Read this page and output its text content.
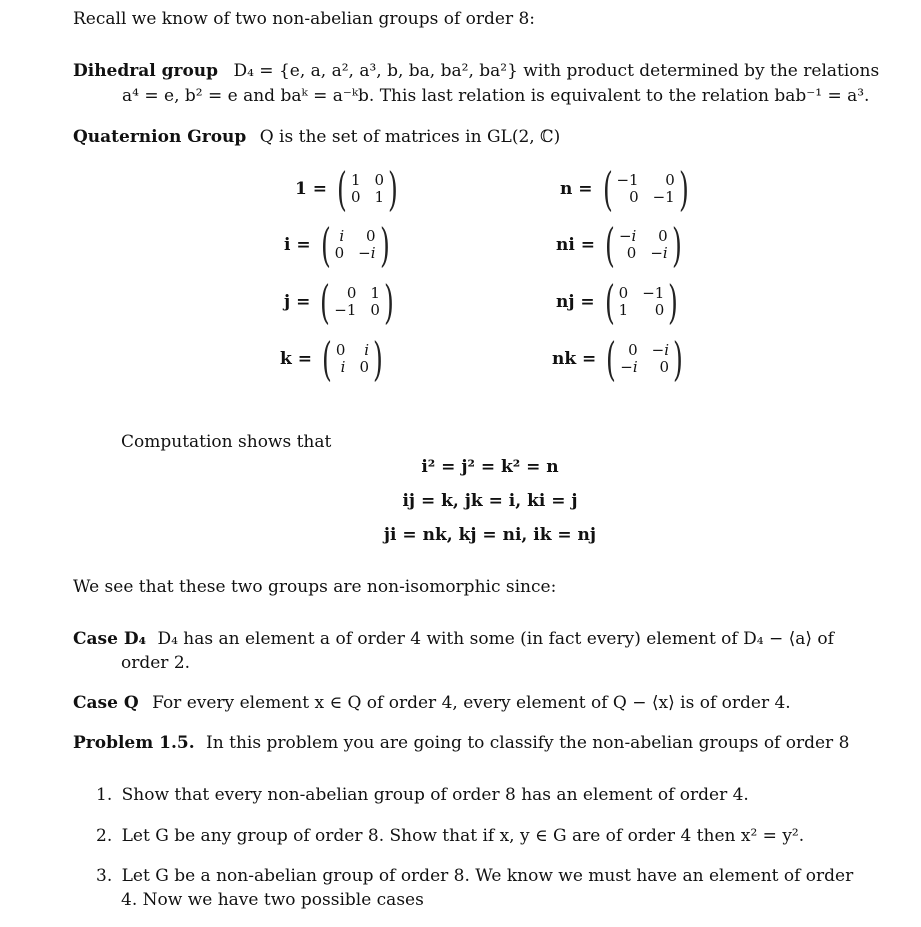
Recall we know of two non-abelian groups of order 8:
Dihedral group D₄ = {e, a, a², a³, b, ba, ba², ba²} with product determined by the relations
a⁴ = e, b² = e and baᵏ = a⁻ᵏb. This last relation is equivalent to the relation bab⁻¹ = a³.
Quaternion Group Q is the set of matrices in GL(2, ℂ)
1 = ( 1 0
0 1 )
i = ( i	0
0 −i )
j = (	0 1
−1 0 )
k = ( 0	i
i 0 )
n = ( −1	0
0 −1 )
ni = ( −i	0
0 −i )
nj = ( 0 −1
1	0 )
nk = ( 0 −i
−i	0 )
Computation shows that
i² = j² = k² = n
ij = k, jk = i, ki = j
ji = nk, kj = ni, ik = nj
We see that these two groups are non-isomorphic since:
Case D₄ D₄ has an element a of order 4 with some (in fact every) element of D₄ − ⟨a⟩ of
order 2.
Case Q For every element x ∈ Q of order 4, every element of Q − ⟨x⟩ is of order 4.
Problem 1.5. In this problem you are going to classify the non-abelian groups of order 8
1. Show that every non-abelian group of order 8 has an element of order 4.
2. Let G be any group of order 8. Show that if x, y ∈ G are of order 4 then x² = y².
3. Let G be a non-abelian group of order 8. We know we must have an element of order
4. Now we have two possible cases
